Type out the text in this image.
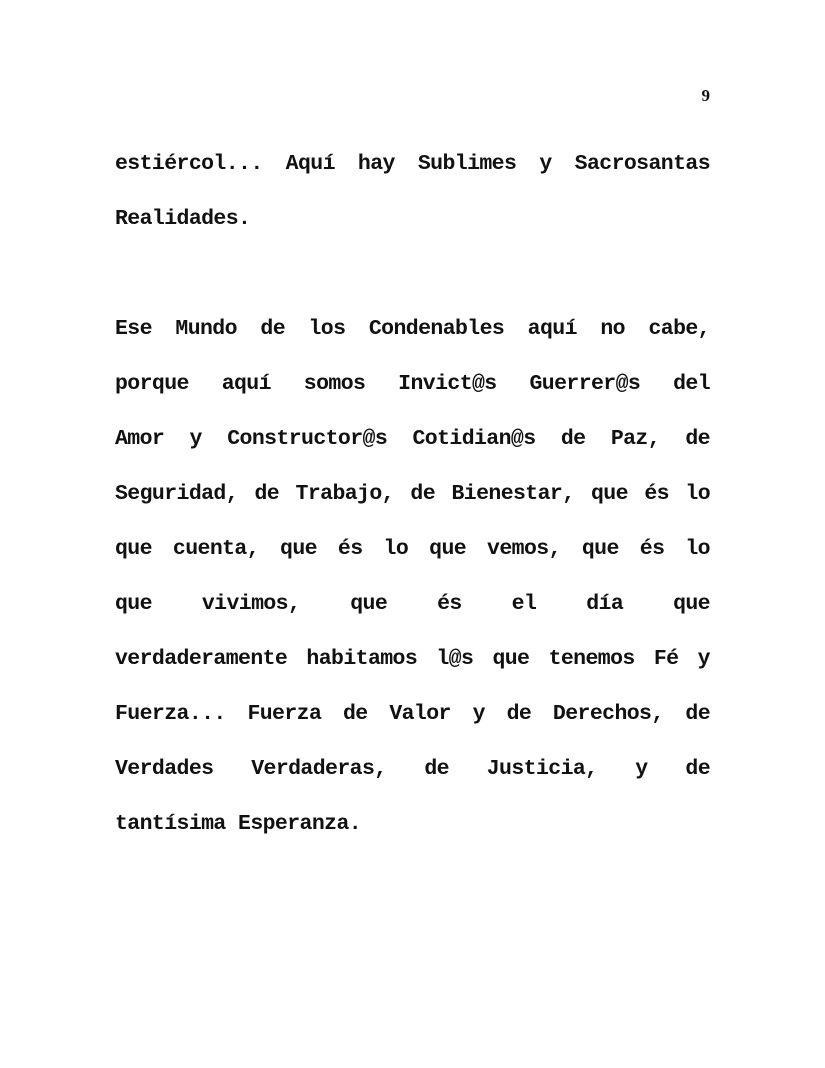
9
estiércol... Aquí hay Sublimes y Sacrosantas
Realidades.
Ese Mundo de los Condenables aquí no cabe,
porque aquí somos Invict@s Guerrer@s del
Amor y Constructor@s Cotidian@s de Paz, de
Seguridad, de Trabajo, de Bienestar, que és lo
que cuenta, que és lo que vemos, que és lo
que vivimos, que és el día que
verdaderamente habitamos l@s que tenemos Fé y
Fuerza... Fuerza de Valor y de Derechos, de
Verdades Verdaderas, de Justicia, y de
tantísima Esperanza.
